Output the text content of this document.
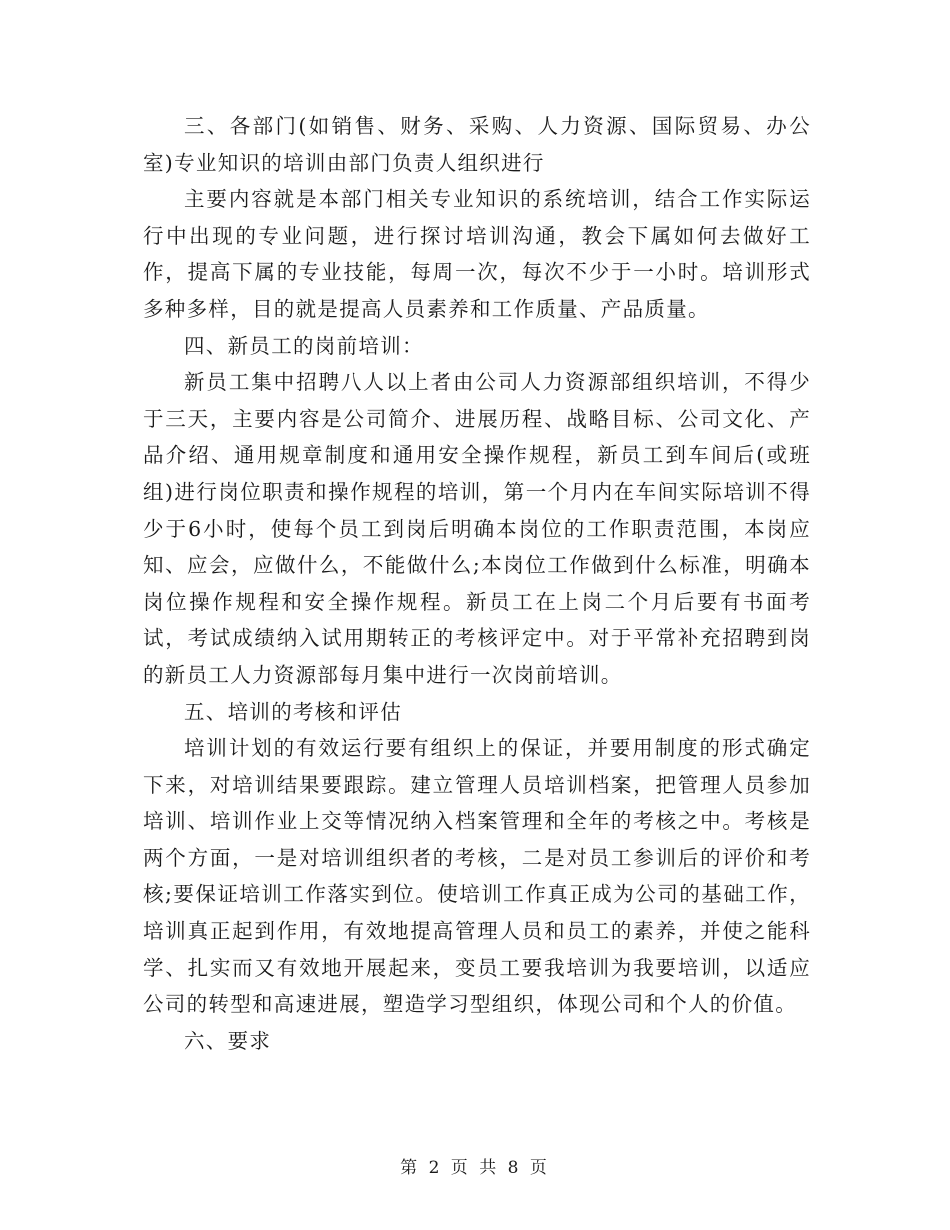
三、各部门(如销售、财务、采购、人力资源、国际贸易、办公室)专业知识的培训由部门负责人组织进行

主要内容就是本部门相关专业知识的系统培训，结合工作实际运行中出现的专业问题，进行探讨培训沟通，教会下属如何去做好工作，提高下属的专业技能，每周一次，每次不少于一小时。培训形式多种多样，目的就是提高人员素养和工作质量、产品质量。

四、新员工的岗前培训：

新员工集中招聘八人以上者由公司人力资源部组织培训，不得少于三天，主要内容是公司简介、进展历程、战略目标、公司文化、产品介绍、通用规章制度和通用安全操作规程，新员工到车间后(或班组)进行岗位职责和操作规程的培训，第一个月内在车间实际培训不得少于6小时，使每个员工到岗后明确本岗位的工作职责范围，本岗应知、应会，应做什么，不能做什么;本岗位工作做到什么标准，明确本岗位操作规程和安全操作规程。新员工在上岗二个月后要有书面考试，考试成绩纳入试用期转正的考核评定中。对于平常补充招聘到岗的新员工人力资源部每月集中进行一次岗前培训。

五、培训的考核和评估

培训计划的有效运行要有组织上的保证，并要用制度的形式确定下来，对培训结果要跟踪。建立管理人员培训档案，把管理人员参加培训、培训作业上交等情况纳入档案管理和全年的考核之中。考核是两个方面，一是对培训组织者的考核，二是对员工参训后的评价和考核;要保证培训工作落实到位。使培训工作真正成为公司的基础工作，培训真正起到作用，有效地提高管理人员和员工的素养，并使之能科学、扎实而又有效地开展起来，变员工要我培训为我要培训，以适应公司的转型和高速进展，塑造学习型组织，体现公司和个人的价值。

六、要求

第 2 页 共 8 页
